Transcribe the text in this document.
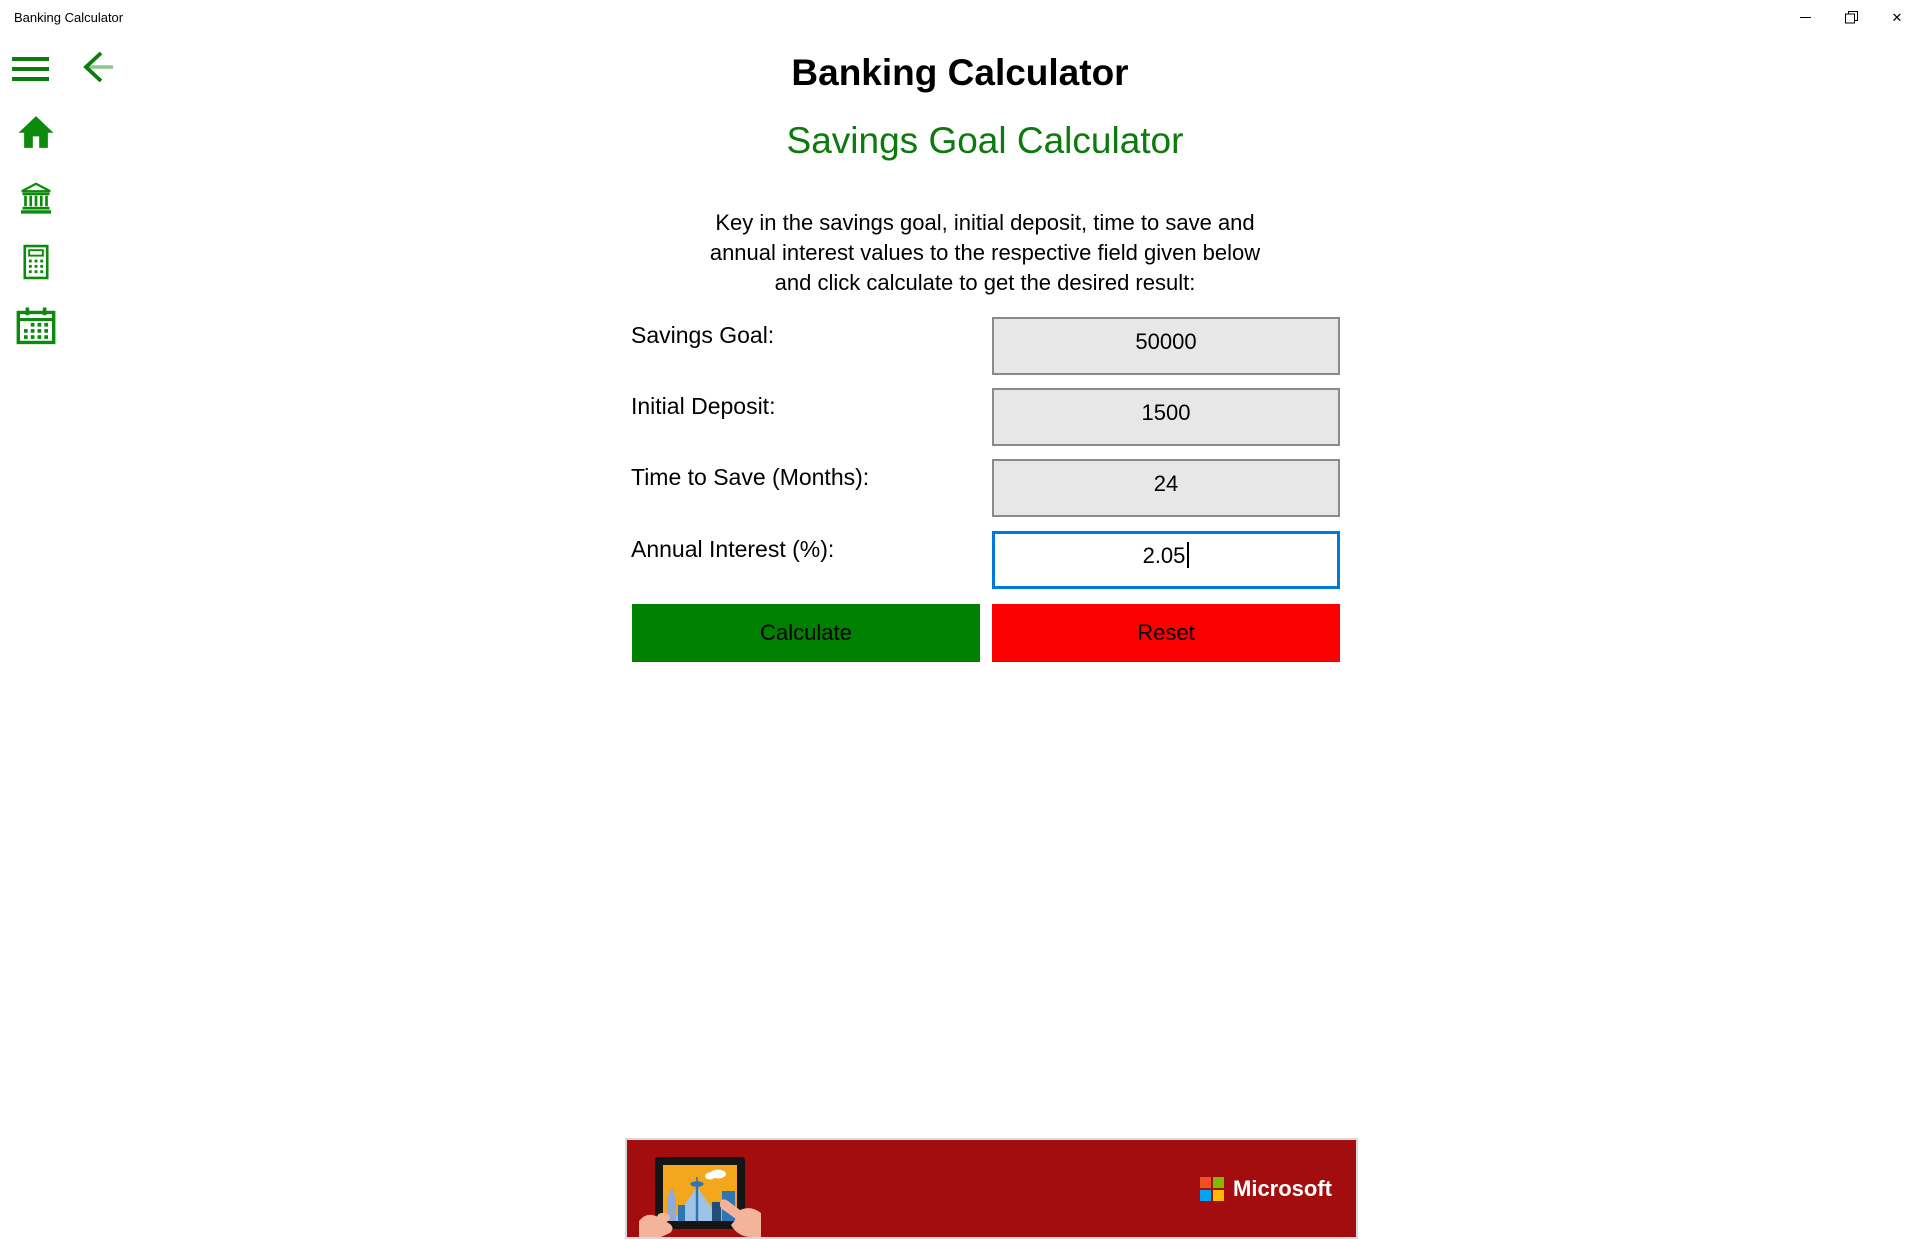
Banking Calculator	✕
Banking Calculator
Savings Goal Calculator
Key in the savings goal, initial deposit, time to save and
annual interest values to the respective field given below
and click calculate to get the desired result:
Savings Goal:	50000
Initial Deposit:	1500
Time to Save (Months):	24
Annual Interest (%):	2.05
Calculate	Reset
Microsoft
